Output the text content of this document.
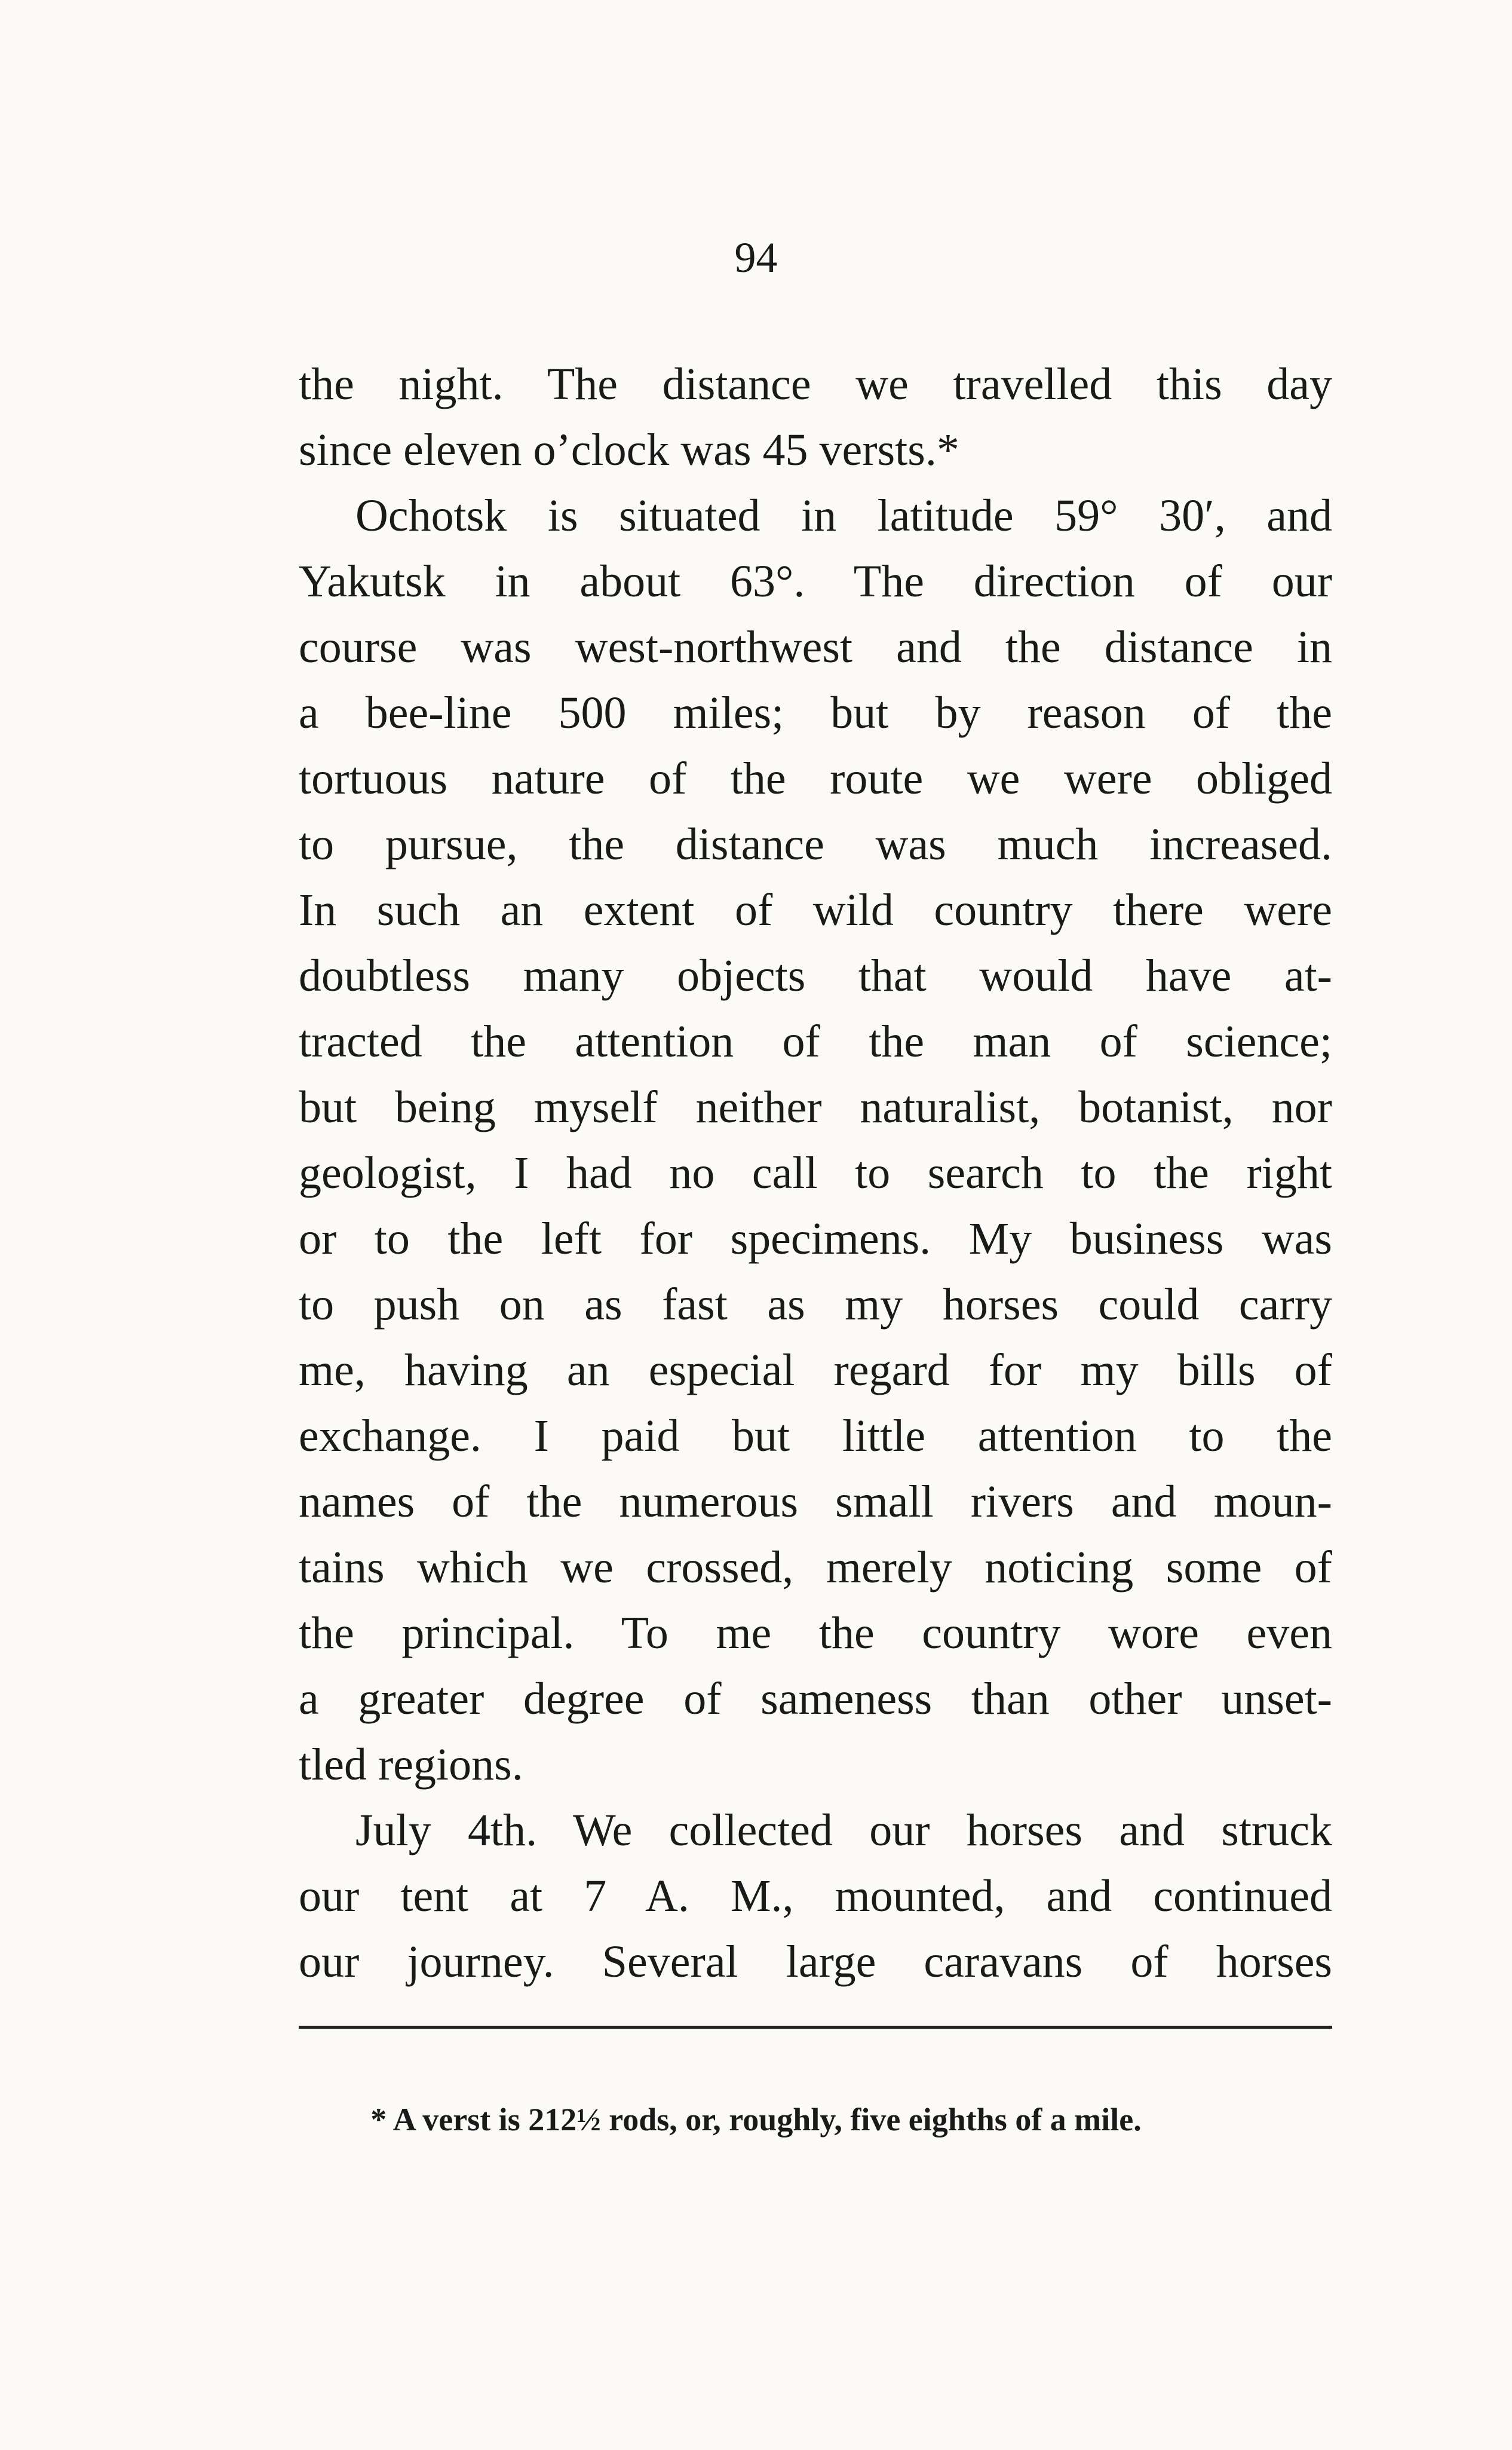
94
the night. The distance we travelled this day
since eleven o’clock was 45 versts.*
Ochotsk is situated in latitude 59° 30′, and
Yakutsk in about 63°. The direction of our
course was west-northwest and the distance in
a bee-line 500 miles; but by reason of the
tortuous nature of the route we were obliged
to pursue, the distance was much increased.
In such an extent of wild country there were
doubtless many objects that would have at-
tracted the attention of the man of science;
but being myself neither naturalist, botanist, nor
geologist, I had no call to search to the right
or to the left for specimens. My business was
to push on as fast as my horses could carry
me, having an especial regard for my bills of
exchange. I paid but little attention to the
names of the numerous small rivers and moun-
tains which we crossed, merely noticing some of
the principal. To me the country wore even
a greater degree of sameness than other unset-
tled regions.
July 4th. We collected our horses and struck
our tent at 7 A. M., mounted, and continued
our journey. Several large caravans of horses
* A verst is 212½ rods, or, roughly, five eighths of a mile.
